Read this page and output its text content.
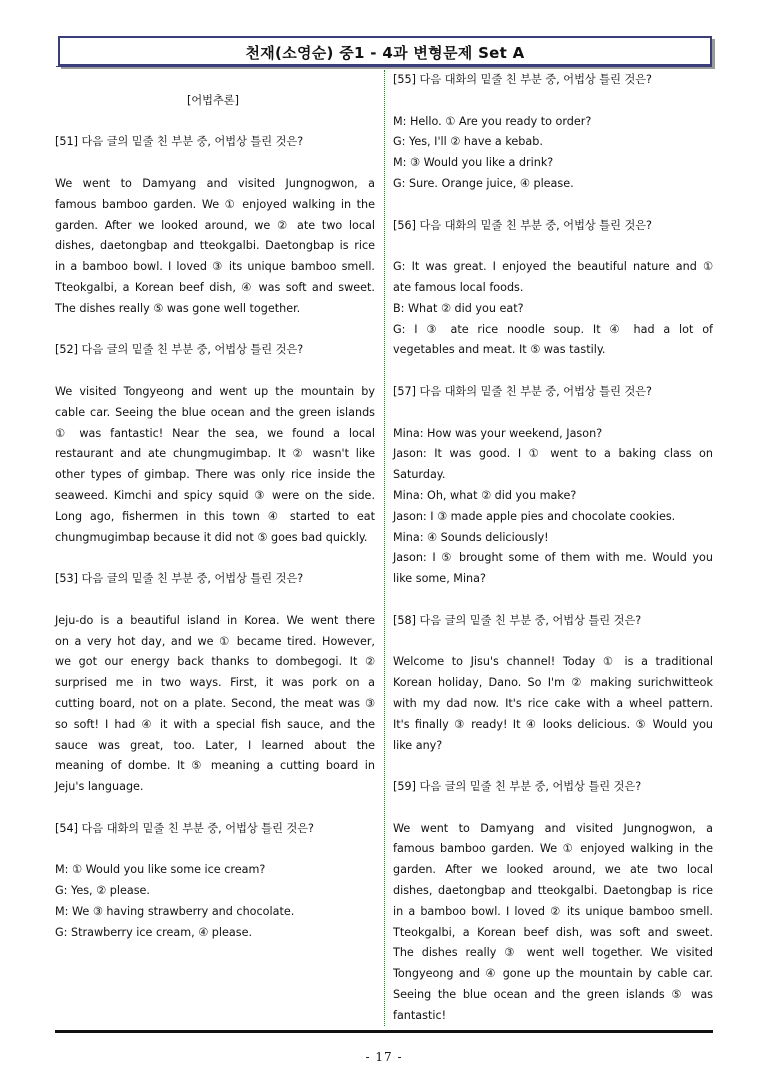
천재(소영순) 중1 - 4과 변형문제 Set A
[어법추론]
[51] 다음 글의 밑줄 친 부분 중, 어법상 틀린 것은?
We went to Damyang and visited Jungnogwon, a
famous bamboo garden. We ① enjoyed walking in the
garden. After we looked around, we ② ate two local
dishes, daetongbap and tteokgalbi. Daetongbap is rice
in a bamboo bowl. I loved ③ its unique bamboo smell.
Tteokgalbi, a Korean beef dish, ④ was soft and sweet.
The dishes really ⑤ was gone well together.
[52] 다음 글의 밑줄 친 부분 중, 어법상 틀린 것은?
We visited Tongyeong and went up the mountain by
cable car. Seeing the blue ocean and the green islands
① was fantastic! Near the sea, we found a local
restaurant and ate chungmugimbap. It ② wasn't like
other types of gimbap. There was only rice inside the
seaweed. Kimchi and spicy squid ③ were on the side.
Long ago, fishermen in this town ④ started to eat
chungmugimbap because it did not ⑤ goes bad quickly.
[53] 다음 글의 밑줄 친 부분 중, 어법상 틀린 것은?
Jeju-do is a beautiful island in Korea. We went there
on a very hot day, and we ① became tired. However,
we got our energy back thanks to dombegogi. It ②
surprised me in two ways. First, it was pork on a
cutting board, not on a plate. Second, the meat was ③
so soft! I had ④ it with a special fish sauce, and the
sauce was great, too. Later, I learned about the
meaning of dombe. It ⑤ meaning a cutting board in
Jeju's language.
[54] 다음 대화의 밑줄 친 부분 중, 어법상 틀린 것은?
M: ① Would you like some ice cream?
G: Yes, ② please.
M: We ③ having strawberry and chocolate.
G: Strawberry ice cream, ④ please.
[55] 다음 대화의 밑줄 친 부분 중, 어법상 틀린 것은?
M: Hello. ① Are you ready to order?
G: Yes, I'll ② have a kebab.
M: ③ Would you like a drink?
G: Sure. Orange juice, ④ please.
[56] 다음 대화의 밑줄 친 부분 중, 어법상 틀린 것은?
G: It was great. I enjoyed the beautiful nature and ①
ate famous local foods.
B: What ② did you eat?
G: I ③ ate rice noodle soup. It ④ had a lot of
vegetables and meat. It ⑤ was tastily.
[57] 다음 대화의 밑줄 친 부분 중, 어법상 틀린 것은?
Mina: How was your weekend, Jason?
Jason: It was good. I ① went to a baking class on
Saturday.
Mina: Oh, what ② did you make?
Jason: I ③ made apple pies and chocolate cookies.
Mina: ④ Sounds deliciously!
Jason: I ⑤ brought some of them with me. Would you
like some, Mina?
[58] 다음 글의 밑줄 친 부분 중, 어법상 틀린 것은?
Welcome to Jisu's channel! Today ① is a traditional
Korean holiday, Dano. So I'm ② making surichwitteok
with my dad now. It's rice cake with a wheel pattern.
It's finally ③ ready! It ④ looks delicious. ⑤ Would you
like any?
[59] 다음 글의 밑줄 친 부분 중, 어법상 틀린 것은?
We went to Damyang and visited Jungnogwon, a
famous bamboo garden. We ① enjoyed walking in the
garden. After we looked around, we ate two local
dishes, daetongbap and tteokgalbi. Daetongbap is rice
in a bamboo bowl. I loved ② its unique bamboo smell.
Tteokgalbi, a Korean beef dish, was soft and sweet.
The dishes really ③ went well together. We visited
Tongyeong and ④ gone up the mountain by cable car.
Seeing the blue ocean and the green islands ⑤ was
fantastic!
- 17 -
